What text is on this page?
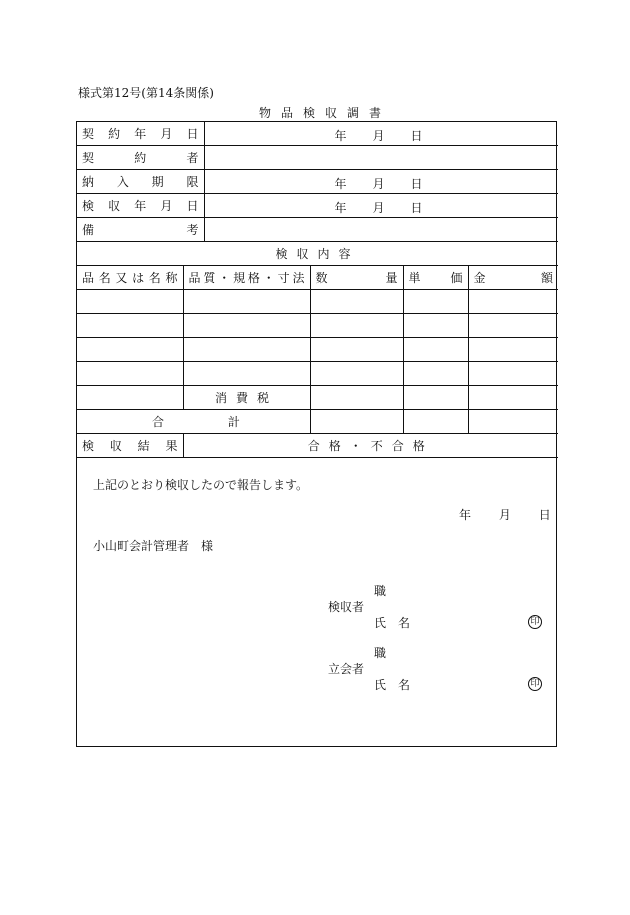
様式第12号(第14条関係)
物品検収調書
契約年月日		年 月 日			

契約者					
納入期限		年 月 日			

検収年月日		年 月 日			

備考					
検収内容					
品名又は名称	品質・規格・寸法		数 量	単 価	金 額

	消費税				
合 計					
検収結果	合格・不合格				
上記のとおり検収したので報告します。
年 月 日
小山町会計管理者　様
職
検収者
氏　名	印
職
立会者
氏　名	印
